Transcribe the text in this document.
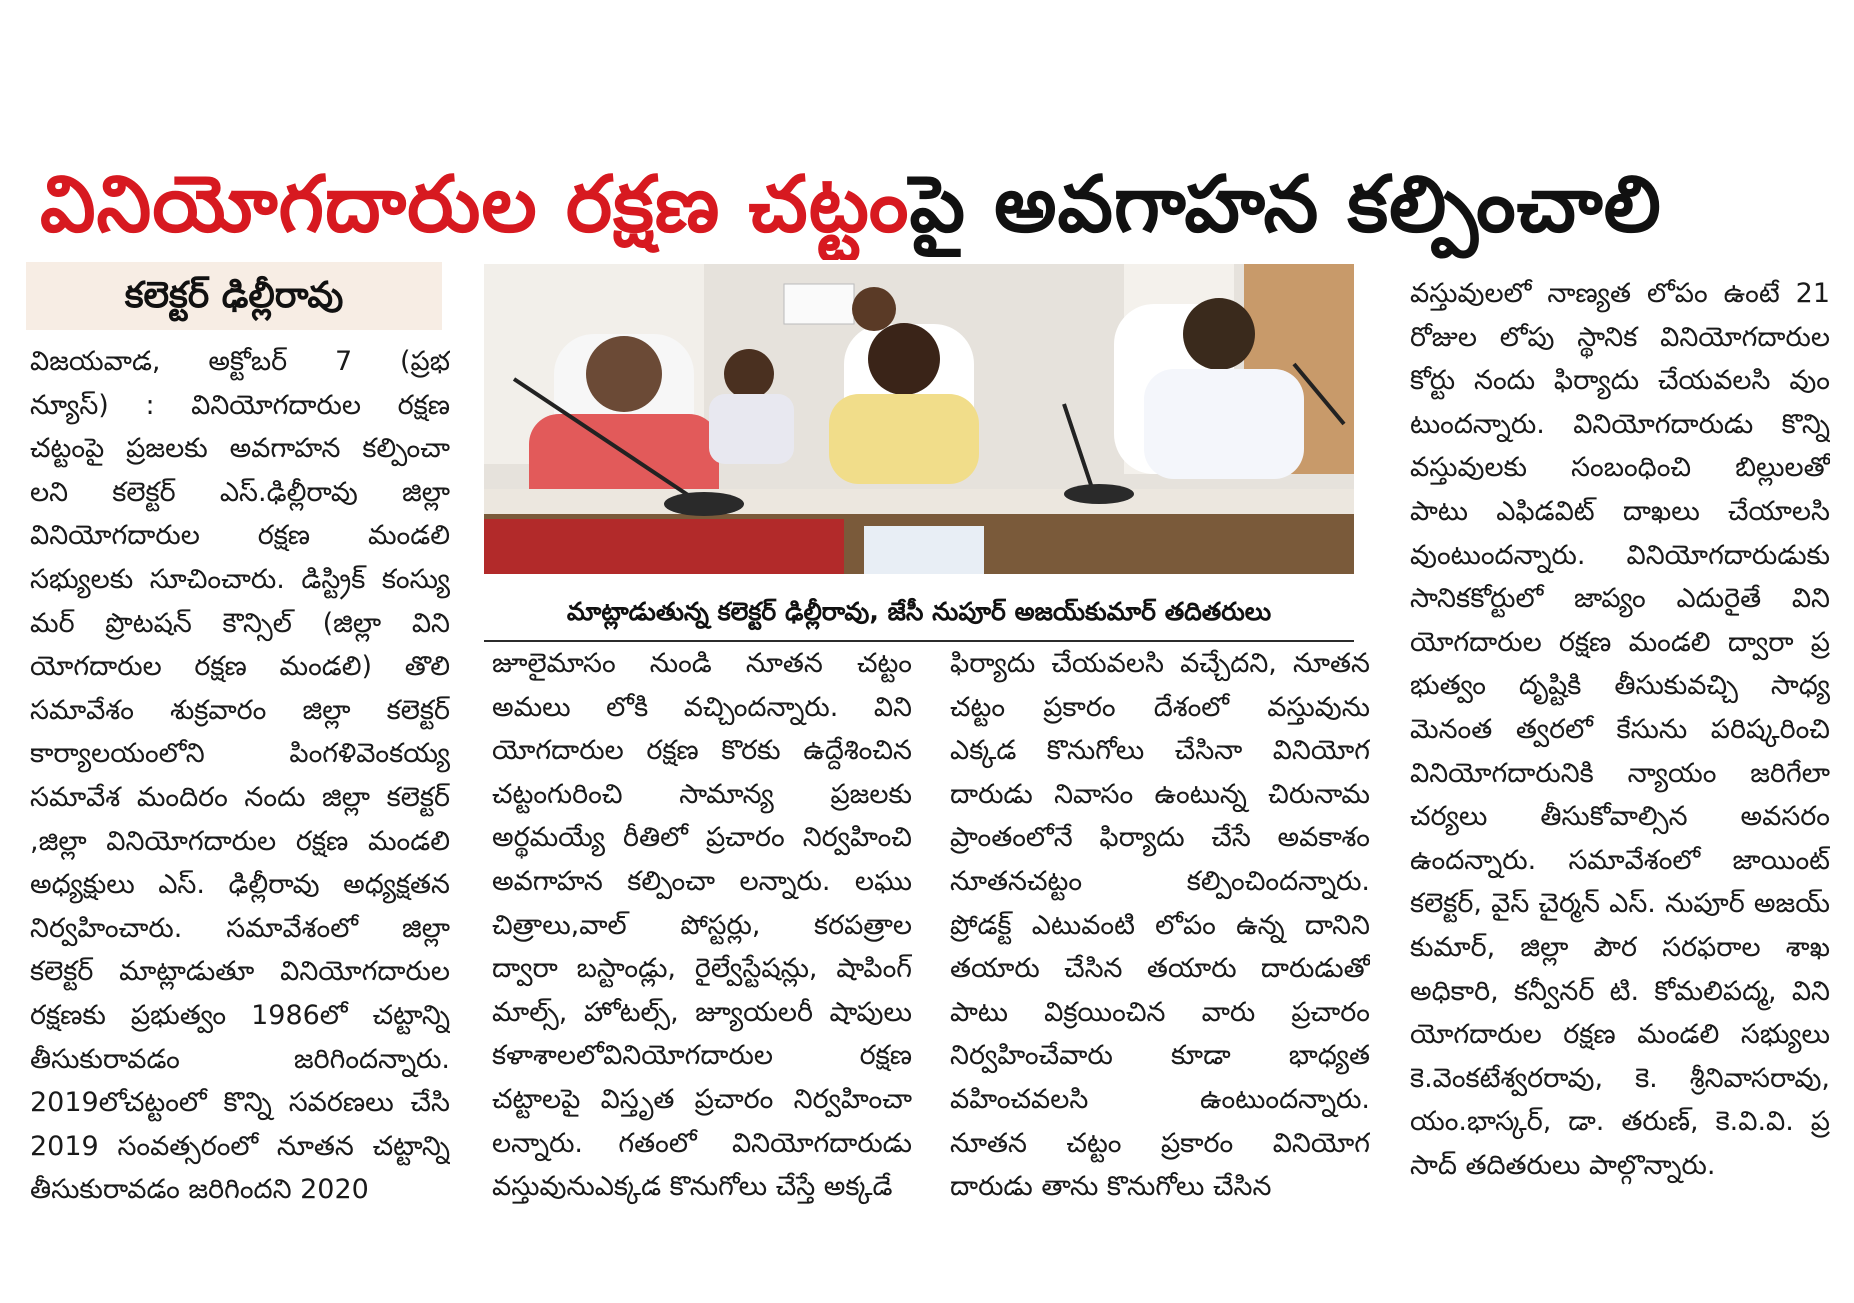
వినియోగదారుల రక్షణ చట్టంపై అవగాహన కల్పించాలి
కలెక్టర్ ఢిల్లీరావు
మాట్లాడుతున్న కలెక్టర్ ఢిల్లీరావు, జేసీ నుపూర్ అజయ్‌కుమార్ తదితరులు

విజయవాడ, అక్టోబర్ 7 (ప్రభ

న్యూస్) : వినియోగదారుల రక్షణ

చట్టంపై ప్రజలకు అవగాహన కల్పించా

లని కలెక్టర్ ఎస్.ఢిల్లీరావు జిల్లా

వినియోగదారుల రక్షణ మండలి

సభ్యులకు సూచించారు. డిస్ట్రిక్ కంస్యు

మర్ ప్రొటషన్ కౌన్సిల్ (జిల్లా విని

యోగదారుల రక్షణ మండలి) తొలి

సమావేశం శుక్రవారం జిల్లా కలెక్టర్

కార్యాలయంలోని పింగళివెంకయ్య

సమావేశ మందిరం నందు జిల్లా కలెక్టర్

,జిల్లా వినియోగదారుల రక్షణ మండలి

అధ్యక్షులు ఎస్. ఢిల్లీరావు అధ్యక్షతన

నిర్వహించారు. సమావేశంలో జిల్లా

కలెక్టర్ మాట్లాడుతూ వినియోగదారుల

రక్షణకు ప్రభుత్వం 1986లో చట్టాన్ని

తీసుకురావడం జరిగిందన్నారు.

2019లోచట్టంలో కొన్ని సవరణలు చేసి

2019 సంవత్సరంలో నూతన చట్టాన్ని

తీసుకురావడం జరిగిందని 2020

జూలైమాసం నుండి నూతన చట్టం

అమలు లోకి వచ్చిందన్నారు. విని

యోగదారుల రక్షణ కొరకు ఉద్దేశించిన

చట్టంగురించి సామాన్య ప్రజలకు

అర్థమయ్యే రీతిలో ప్రచారం నిర్వహించి

అవగాహన కల్పించా లన్నారు. లఘు

చిత్రాలు,వాల్ పోస్టర్లు, కరపత్రాల

ద్వారా బస్టాండ్లు, రైల్వేస్టేషన్లు, షాపింగ్

మాల్స్, హోటల్స్, జ్యూయలరీ షాపులు

కళాశాలలోవినియోగదారుల రక్షణ

చట్టాలపై విస్తృత ప్రచారం నిర్వహించా

లన్నారు. గతంలో వినియోగదారుడు

వస్తువునుఎక్కడ కొనుగోలు చేస్తే అక్కడే

ఫిర్యాదు చేయవలసి వచ్చేదని, నూతన

చట్టం ప్రకారం దేశంలో వస్తువును

ఎక్కడ కొనుగోలు చేసినా వినియోగ

దారుడు నివాసం ఉంటున్న చిరునామ

ప్రాంతంలోనే ఫిర్యాదు చేసే అవకాశం

నూతనచట్టం కల్పించిందన్నారు.

ప్రోడక్ట్ ఎటువంటి లోపం ఉన్న దానిని

తయారు చేసిన తయారు దారుడుతో

పాటు విక్రయించిన వారు ప్రచారం

నిర్వహించేవారు కూడా భాధ్యత

వహించవలసి ఉంటుందన్నారు.

నూతన చట్టం ప్రకారం వినియోగ

దారుడు తాను కొనుగోలు చేసిన

వస్తువులలో నాణ్యత లోపం ఉంటే 21

రోజుల లోపు స్థానిక వినియోగదారుల

కోర్టు నందు ఫిర్యాదు చేయవలసి వుం

టుందన్నారు. వినియోగదారుడు కొన్ని

వస్తువులకు సంబంధించి బిల్లులతో

పాటు ఎఫిడవిట్ దాఖలు చేయాలసి

వుంటుందన్నారు. వినియోగదారుడుకు

సానికకోర్టులో జాప్యం ఎదురైతే విని

యోగదారుల రక్షణ మండలి ద్వారా ప్ర

భుత్వం దృష్టికి తీసుకువచ్చి సాధ్య

మెనంత త్వరలో కేసును పరిష్కరించి

వినియోగదారునికి న్యాయం జరిగేలా

చర్యలు తీసుకోవాల్సిన అవసరం

ఉందన్నారు. సమావేశంలో జాయింట్

కలెక్టర్, వైస్ చైర్మన్ ఎస్. నుపూర్ అజయ్

కుమార్, జిల్లా పౌర సరఫరాల శాఖ

అధికారి, కన్వీనర్ టి. కోమలిపద్మ, విని

యోగదారుల రక్షణ మండలి సభ్యులు

కె.వెంకటేశ్వరరావు, కె. శ్రీనివాసరావు,

యం.భాస్కర్, డా. తరుణ్, కె.వి.వి. ప్ర

సాద్ తదితరులు పాల్గొన్నారు.
